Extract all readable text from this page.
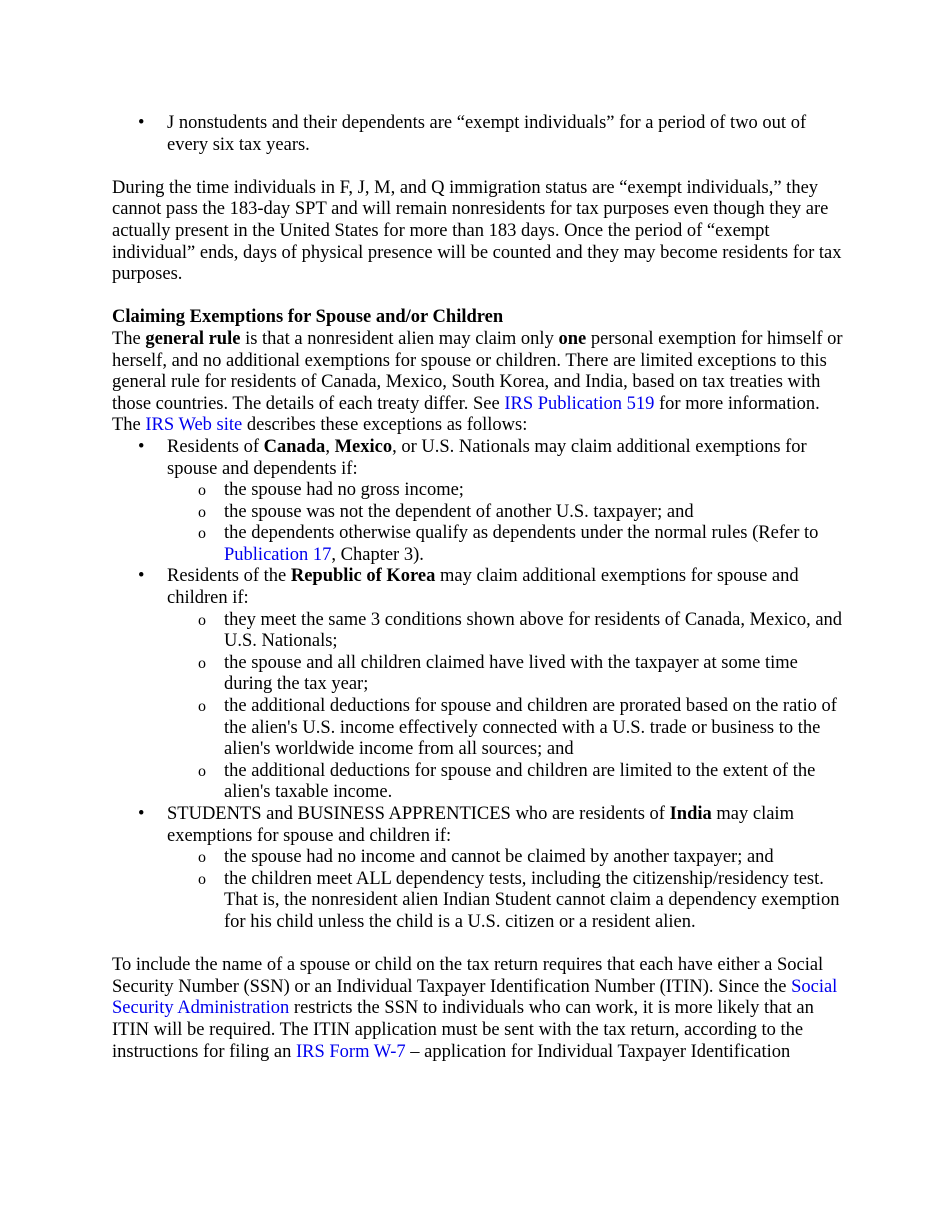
• J nonstudents and their dependents are “exempt individuals” for a period of two out of every six tax years.

During the time individuals in F, J, M, and Q immigration status are “exempt individuals,” they cannot pass the 183-day SPT and will remain nonresidents for tax purposes even though they are actually present in the United States for more than 183 days. Once the period of “exempt individual” ends, days of physical presence will be counted and they may become residents for tax purposes.

Claiming Exemptions for Spouse and/or Children

The general rule is that a nonresident alien may claim only one personal exemption for himself or herself, and no additional exemptions for spouse or children. There are limited exceptions to this general rule for residents of Canada, Mexico, South Korea, and India, based on tax treaties with those countries. The details of each treaty differ. See IRS Publication 519 for more information.

The IRS Web site describes these exceptions as follows:

• Residents of Canada, Mexico, or U.S. Nationals may claim additional exemptions for spouse and dependents if:
o the spouse had no gross income;
o the spouse was not the dependent of another U.S. taxpayer; and
o the dependents otherwise qualify as dependents under the normal rules (Refer to Publication 17, Chapter 3).
• Residents of the Republic of Korea may claim additional exemptions for spouse and children if:
o they meet the same 3 conditions shown above for residents of Canada, Mexico, and U.S. Nationals;
o the spouse and all children claimed have lived with the taxpayer at some time during the tax year;
o the additional deductions for spouse and children are prorated based on the ratio of the alien's U.S. income effectively connected with a U.S. trade or business to the alien's worldwide income from all sources; and
o the additional deductions for spouse and children are limited to the extent of the alien's taxable income.
• STUDENTS and BUSINESS APPRENTICES who are residents of India may claim exemptions for spouse and children if:
o the spouse had no income and cannot be claimed by another taxpayer; and
o the children meet ALL dependency tests, including the citizenship/residency test. That is, the nonresident alien Indian Student cannot claim a dependency exemption for his child unless the child is a U.S. citizen or a resident alien.

To include the name of a spouse or child on the tax return requires that each have either a Social Security Number (SSN) or an Individual Taxpayer Identification Number (ITIN). Since the Social Security Administration restricts the SSN to individuals who can work, it is more likely that an ITIN will be required. The ITIN application must be sent with the tax return, according to the instructions for filing an IRS Form W-7 – application for Individual Taxpayer Identification
